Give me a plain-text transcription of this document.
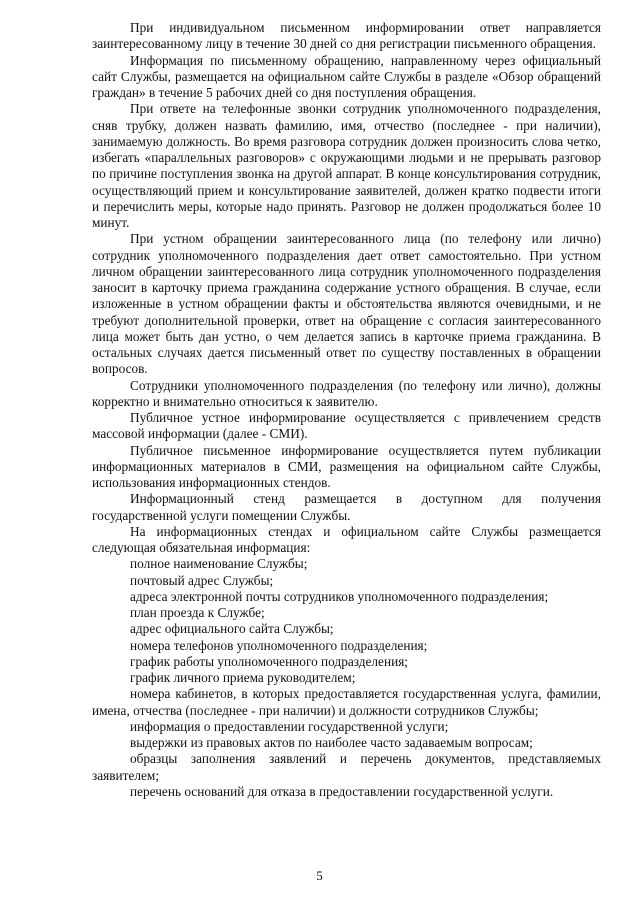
При индивидуальном письменном информировании ответ направляется заинтересованному лицу в течение 30 дней со дня регистрации письменного обращения.

Информация по письменному обращению, направленному через официальный сайт Службы, размещается на официальном сайте Службы в разделе «Обзор обращений граждан» в течение 5 рабочих дней со дня поступления обращения.

При ответе на телефонные звонки сотрудник уполномоченного подразделения, сняв трубку, должен назвать фамилию, имя, отчество (последнее - при наличии), занимаемую должность. Во время разговора сотрудник должен произносить слова четко, избегать «параллельных разговоров» с окружающими людьми и не прерывать разговор по причине поступления звонка на другой аппарат. В конце консультирования сотрудник, осуществляющий прием и консультирование заявителей, должен кратко подвести итоги и перечислить меры, которые надо принять. Разговор не должен продолжаться более 10 минут.

При устном обращении заинтересованного лица (по телефону или лично) сотрудник уполномоченного подразделения дает ответ самостоятельно. При устном личном обращении заинтересованного лица сотрудник уполномоченного подразделения заносит в карточку приема гражданина содержание устного обращения. В случае, если изложенные в устном обращении факты и обстоятельства являются очевидными, и не требуют дополнительной проверки, ответ на обращение с согласия заинтересованного лица может быть дан устно, о чем делается запись в карточке приема гражданина. В остальных случаях дается письменный ответ по существу поставленных в обращении вопросов.

Сотрудники уполномоченного подразделения (по телефону или лично), должны корректно и внимательно относиться к заявителю.

Публичное устное информирование осуществляется с привлечением средств массовой информации (далее - СМИ).

Публичное письменное информирование осуществляется путем публикации информационных материалов в СМИ, размещения на официальном сайте Службы, использования информационных стендов.

Информационный стенд размещается в доступном для получения государственной услуги помещении Службы.

На информационных стендах и официальном сайте Службы размещается следующая обязательная информация:

полное наименование Службы;

почтовый адрес Службы;

адреса электронной почты сотрудников уполномоченного подразделения;

план проезда к Службе;

адрес официального сайта Службы;

номера телефонов уполномоченного подразделения;

график работы уполномоченного подразделения;

график личного приема руководителем;

номера кабинетов, в которых предоставляется государственная услуга, фамилии, имена, отчества (последнее - при наличии) и должности сотрудников Службы;

информация о предоставлении государственной услуги;

выдержки из правовых актов по наиболее часто задаваемым вопросам;

образцы заполнения заявлений и перечень документов, представляемых заявителем;

перечень оснований для отказа в предоставлении государственной услуги.

5
